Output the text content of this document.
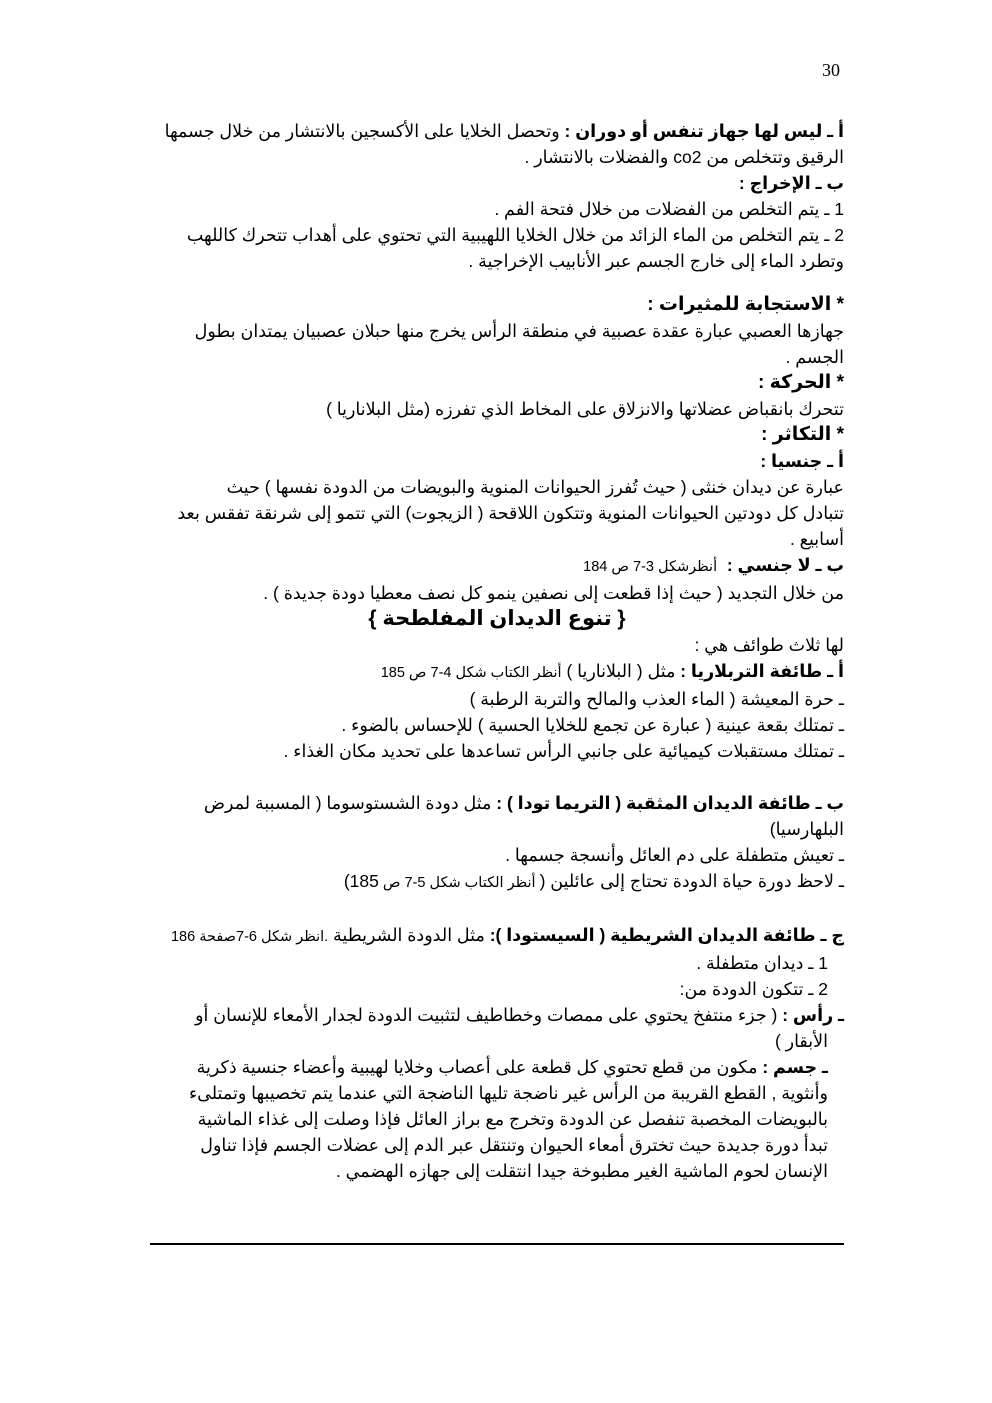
30

أ ـ ليس لها جهاز تنفس أو دوران : وتحصل الخلايا على الأكسجين بالانتشار من خلال جسمها

الرقيق وتتخلص من co2 والفضلات بالانتشار .

ب ـ الإخراج :

1 ـ يتم التخلص من الفضلات من خلال فتحة الفم .

2 ـ يتم التخلص من الماء الزائد من خلال الخلايا اللهيبية التي تحتوي على أهداب تتحرك كاللهب

وتطرد الماء إلى خارج الجسم عبر الأنابيب الإخراجية .

* الاستجابة للمثيرات :

جهازها العصبي عبارة عقدة عصبية في منطقة الرأس يخرج منها حبلان عصبيان يمتدان بطول

الجسم .

* الحركة :

تتحرك بانقباض عضلاتها والانزلاق على المخاط الذي تفرزه (مثل البلاناريا )

* التكاثر :

أ ـ جنسيا :

عبارة عن ديدان خنثى ( حيث تُفرز الحيوانات المنوية والبويضات من الدودة نفسها ) حيث

تتبادل كل دودتين الحيوانات المنوية وتتكون اللاقحة ( الزيجوت) التي تتمو إلى شرنقة تفقس بعد

أسابيع .

ب ـ لا جنسي :  أنظرشكل 3-7 ص 184

من خلال التجديد ( حيث إذا قطعت إلى نصفين ينمو كل نصف معطيا دودة جديدة ) .

{ تنوع الديدان المفلطحة }

لها ثلاث طوائف هي :

أ ـ طائفة التربلاريا : مثل ( البلاناريا ) أنظر الكتاب شكل 4-7 ص 185

ـ حرة المعيشة ( الماء العذب والمالح والتربة الرطبة )

ـ تمتلك بقعة عينية ( عبارة عن تجمع للخلايا الحسية ) للإحساس بالضوء .

ـ تمتلك مستقبلات كيميائية على جانبي الرأس تساعدها على تحديد مكان الغذاء .

ب ـ طائفة الديدان المثقبة ( التريما تودا ) : مثل دودة الشستوسوما ( المسببة لمرض البلهارسيا)

ـ تعيش متطفلة على دم العائل وأنسجة جسمها .

ـ لاحظ دورة حياة الدودة تحتاج إلى عائلين ( أنظر الكتاب شكل 5-7 ص 185)

ج ـ طائفة الديدان الشريطية ( السيستودا ): مثل الدودة الشريطية .انظر شكل 6-7صفحة 186

1 ـ ديدان متطفلة .

2 ـ تتكون الدودة من:

ـ رأس : ( جزء منتفخ يحتوي على ممصات وخطاطيف لتثبيت الدودة لجدار الأمعاء للإنسان أو

الأبقار )

ـ جسم : مكون من قطع تحتوي كل قطعة على أعصاب وخلايا لهيبية وأعضاء جنسية ذكرية

وأنثوية , القطع القريبة من الرأس غير ناضجة تليها الناضجة التي عندما يتم تخصيبها وتمتلىء

بالبويضات المخصبة تنفصل عن الدودة وتخرج مع براز العائل فإذا وصلت إلى غذاء الماشية

تبدأ دورة جديدة حيث تخترق أمعاء الحيوان وتنتقل عبر الدم إلى عضلات الجسم فإذا تناول

الإنسان لحوم الماشية الغير مطبوخة جيدا انتقلت إلى جهازه الهضمي .
